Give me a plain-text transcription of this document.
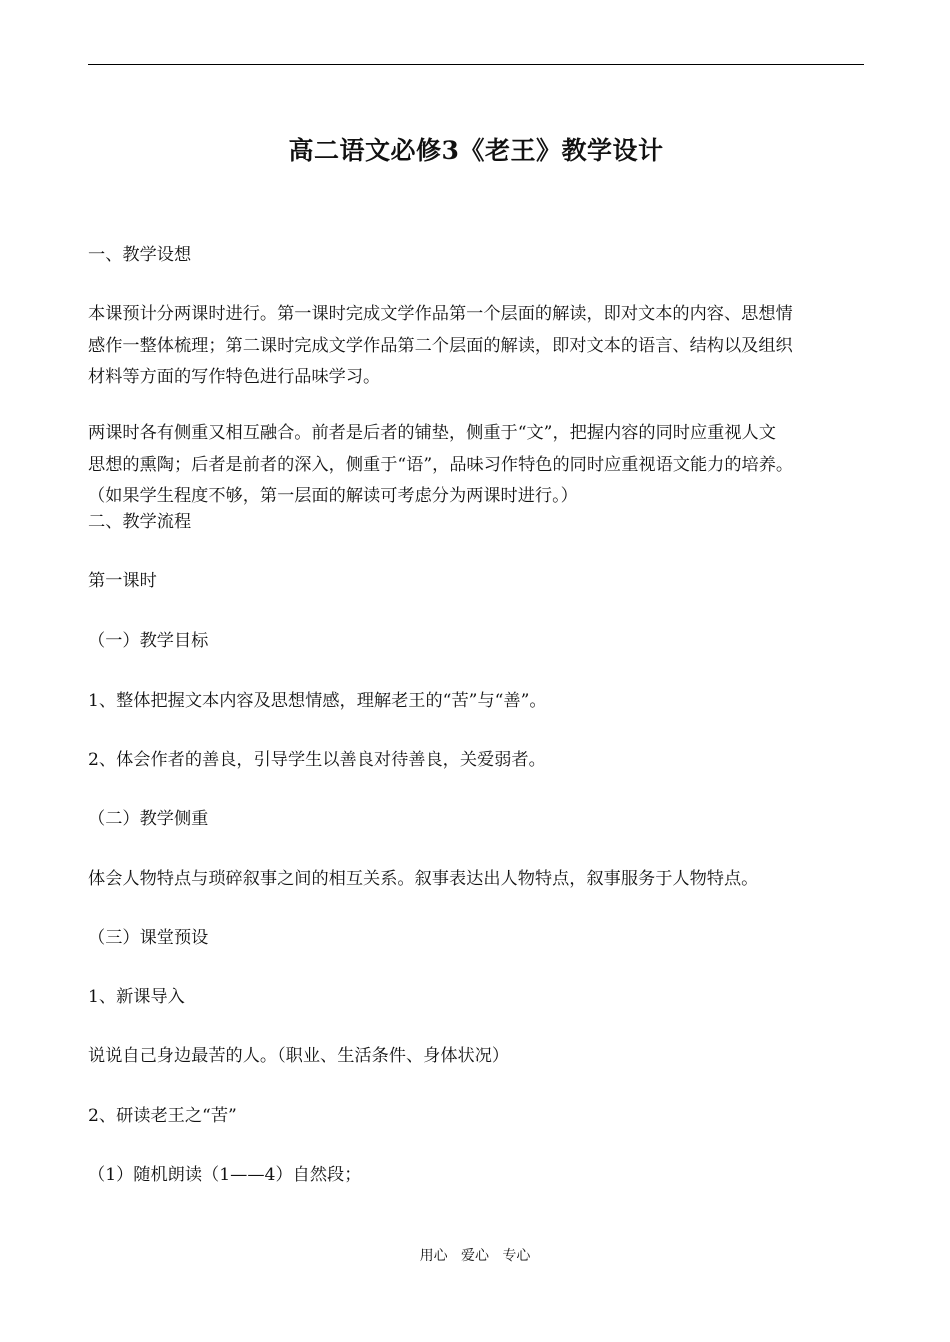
高二语文必修3《老王》教学设计
一、教学设想
本课预计分两课时进行。第一课时完成文学作品第一个层面的解读，即对文本的内容、思想情
感作一整体梳理；第二课时完成文学作品第二个层面的解读，即对文本的语言、结构以及组织
材料等方面的写作特色进行品味学习。
两课时各有侧重又相互融合。前者是后者的铺垫，侧重于“文”，把握内容的同时应重视人文
思想的熏陶；后者是前者的深入，侧重于“语”，品味习作特色的同时应重视语文能力的培养。
（如果学生程度不够，第一层面的解读可考虑分为两课时进行。）
二、教学流程
第一课时
（一）教学目标
1、整体把握文本内容及思想情感，理解老王的“苦”与“善”。
2、体会作者的善良，引导学生以善良对待善良，关爱弱者。
（二）教学侧重
体会人物特点与琐碎叙事之间的相互关系。叙事表达出人物特点，叙事服务于人物特点。
（三）课堂预设
1、新课导入
说说自己身边最苦的人。（职业、生活条件、身体状况）
2、研读老王之“苦”
（1）随机朗读（1——4）自然段；
用心   爱心   专心
